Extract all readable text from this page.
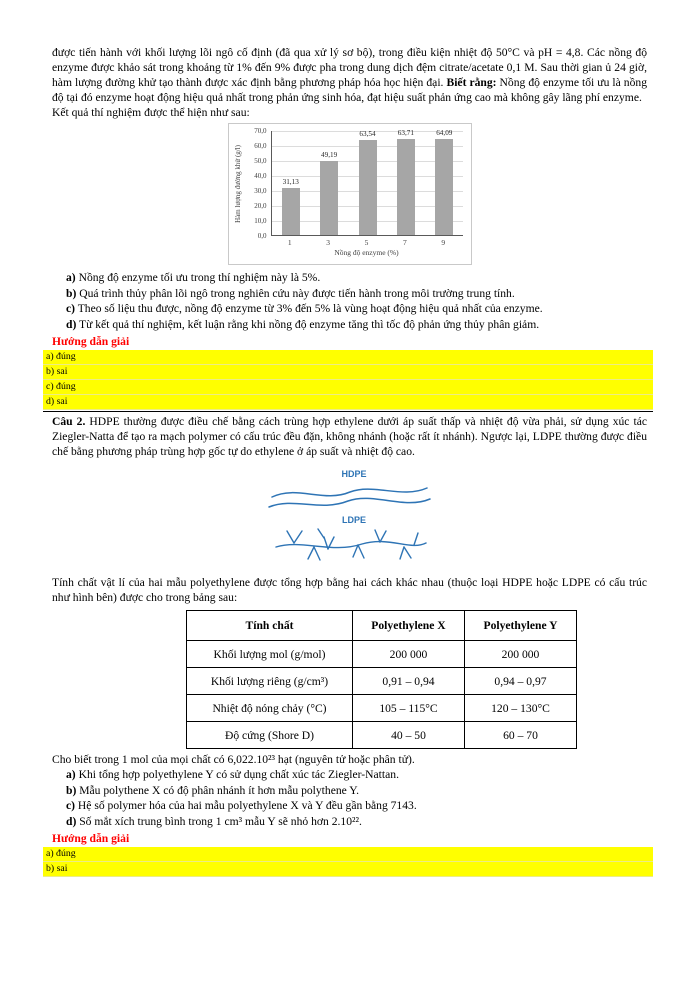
được tiến hành với khối lượng lõi ngô cố định (đã qua xử lý sơ bộ), trong điều kiện nhiệt độ 50°C và pH = 4,8. Các nồng độ enzyme được khảo sát trong khoảng từ 1% đến 9% được pha trong dung dịch đệm citrate/acetate 0,1 M. Sau thời gian ủ 24 giờ, hàm lượng đường khử tạo thành được xác định bằng phương pháp hóa học hiện đại. Biết rằng: Nồng độ enzyme tối ưu là nồng độ tại đó enzyme hoạt động hiệu quả nhất trong phản ứng sinh hóa, đạt hiệu suất phản ứng cao mà không gây lãng phí enzyme.

Kết quả thí nghiệm được thể hiện như sau:

Hàm lượng đường khử (g/l)
0,0
10,0
20,0
30,0
40,0
50,0
60,0
70,0
31,13
49,19
63,54	63,71	64,09
1	3	5	7	9
Nồng độ enzyme (%)

a) Nồng độ enzyme tối ưu trong thí nghiệm này là 5%.

b) Quá trình thủy phân lõi ngô trong nghiên cứu này được tiến hành trong môi trường trung tính.

c) Theo số liệu thu được, nồng độ enzyme từ 3% đến 5% là vùng hoạt động hiệu quả nhất của enzyme.

d) Từ kết quả thí nghiệm, kết luận rằng khi nồng độ enzyme tăng thì tốc độ phản ứng thủy phân giảm.

Hướng dẫn giải

a) đúng
b) sai
c) đúng
d) sai

Câu 2. HDPE thường được điều chế bằng cách trùng hợp ethylene dưới áp suất thấp và nhiệt độ vừa phải, sử dụng xúc tác Ziegler-Natta để tạo ra mạch polymer có cấu trúc đều đặn, không nhánh (hoặc rất ít nhánh). Ngược lại, LDPE thường được điều chế bằng phương pháp trùng hợp gốc tự do ethylene ở áp suất và nhiệt độ cao.

HDPE
LDPE

Tính chất vật lí của hai mẫu polyethylene được tổng hợp bằng hai cách khác nhau (thuộc loại HDPE hoặc LDPE có cấu trúc như hình bên) được cho trong bảng sau:

Tính chất	Polyethylene X	Polyethylene Y
Khối lượng mol (g/mol)	200 000	200 000
Khối lượng riêng (g/cm³)	0,91 – 0,94	0,94 – 0,97
Nhiệt độ nóng chảy (°C)	105 – 115°C	120 – 130°C
Độ cứng (Shore D)	40 – 50	60 – 70

Cho biết trong 1 mol của mọi chất có 6,022.10²³ hạt (nguyên tử hoặc phân tử).

a) Khi tổng hợp polyethylene Y có sử dụng chất xúc tác Ziegler-Nattan.

b) Mẫu polythene X có độ phân nhánh ít hơn mẫu polythene Y.

c) Hệ số polymer hóa của hai mẫu polyethylene X và Y đều gần bằng 7143.

d) Số mắt xích trung bình trong 1 cm³ mẫu Y sẽ nhỏ hơn 2.10²².

Hướng dẫn giải

a) đúng
b) sai
